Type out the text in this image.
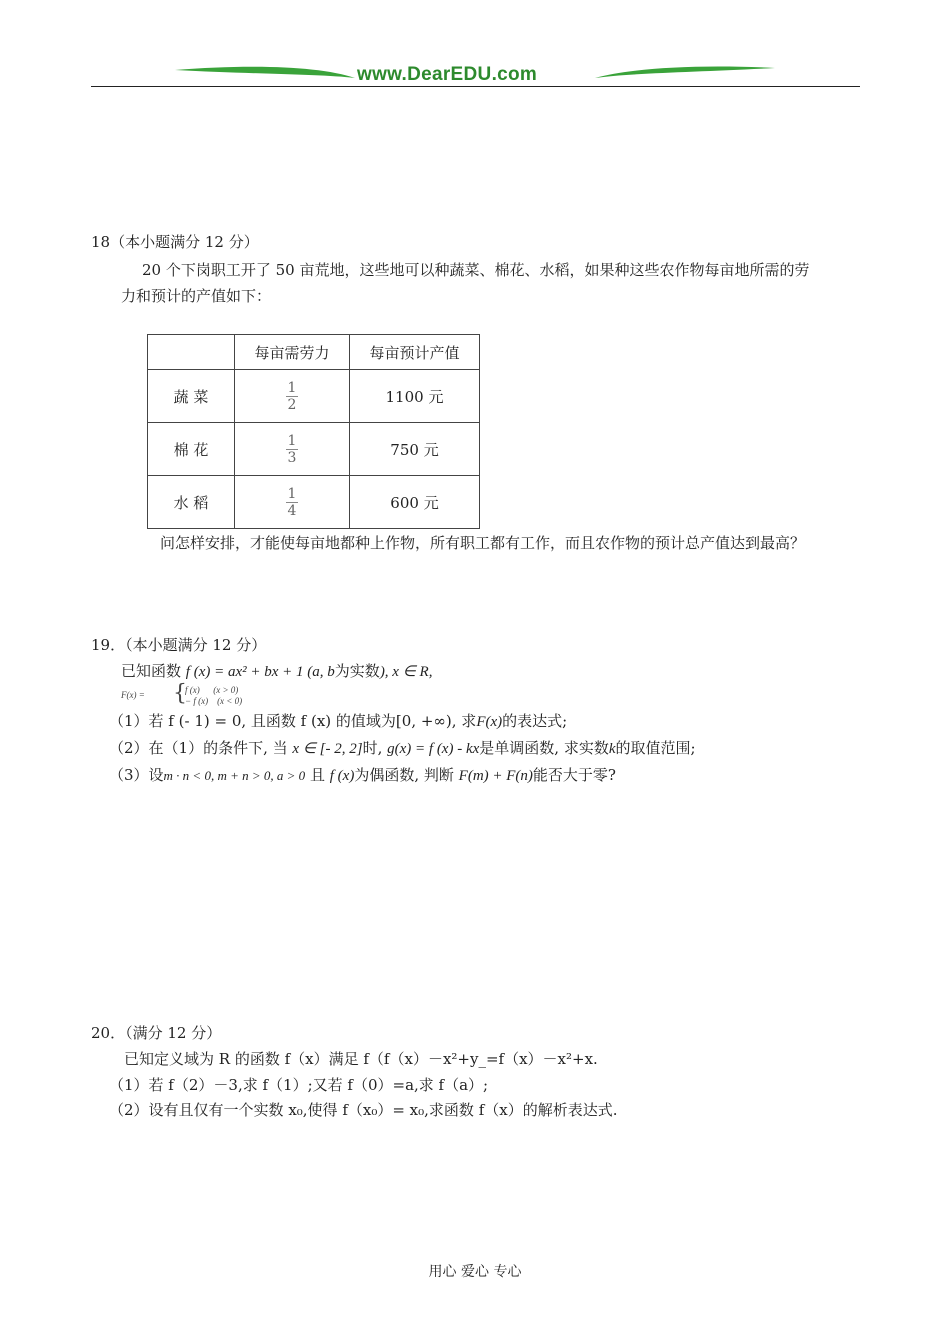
www.DearEDU.com
18（本小题满分 12 分）
20 个下岗职工开了 50 亩荒地，这些地可以种蔬菜、棉花、水稻，如果种这些农作物每亩地所需的劳
力和预计的产值如下：
	每亩需劳力	每亩预计产值
蔬 菜	$\frac{1}{2}$	1100 元
棉 花	$\frac{1}{3}$	750 元
水 稻	$\frac{1}{4}$	600 元
问怎样安排，才能使每亩地都种上作物，所有职工都有工作，而且农作物的预计总产值达到最高？
19．（本小题满分 12 分）
已知函数 f (x) = ax² + bx + 1 (a, b为实数), x ∈ R,
F(x) = {
f (x)      (x > 0)
− f (x)    (x < 0)
（1）若 f (- 1) = 0, 且函数 f (x) 的值域为[0, +∞), 求F(x)的表达式;
（2）在（1）的条件下, 当 x ∈ [- 2, 2]时, g(x) = f (x) - kx是单调函数, 求实数k的取值范围;
（3）设m · n < 0, m + n > 0, a > 0 且 f (x)为偶函数, 判断 F(m) + F(n)能否大于零?
20．（满分 12 分）
已知定义域为 R 的函数 f（x）满足 f（f（x）－x²+y_=f（x）－x²+x.
（1）若 f（2）－3,求 f（1）;又若 f（0）=a,求 f（a）;
（2）设有且仅有一个实数 x₀,使得 f（x₀）= x₀,求函数 f（x）的解析表达式.
用心 爱心 专心
